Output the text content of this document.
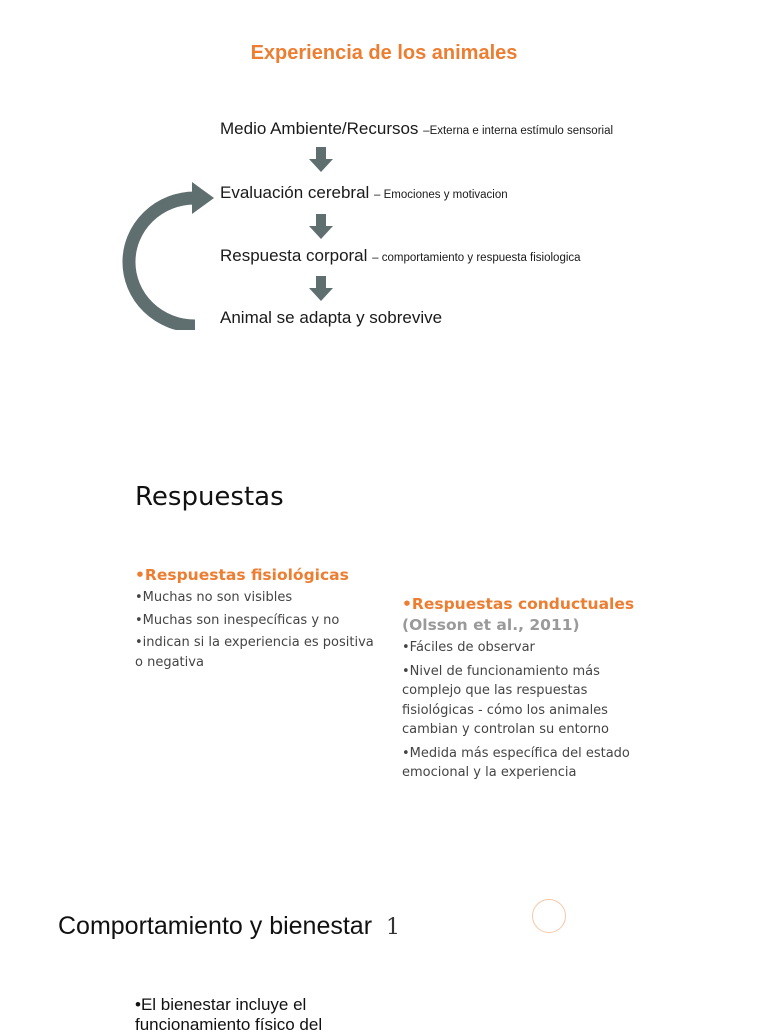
Experiencia de los animales
Medio Ambiente/Recursos –Externa e interna estímulo sensorial
Evaluación cerebral – Emociones y motivacion
Respuesta corporal – comportamiento y respuesta fisiologica
Animal se adapta y sobrevive
Respuestas
•Respuestas fisiológicas
•Muchas no son visibles
•Muchas son inespecíficas y no
•indican si la experiencia es positiva o negativa
•Respuestas conductuales
(Olsson et al., 2011)
•Fáciles de observar
•Nivel de funcionamiento más complejo que las respuestas fisiológicas - cómo los animales cambian y controlan su entorno
•Medida más específica del estado emocional y la experiencia
Comportamiento y bienestar 1
•El bienestar incluye el
funcionamiento físico del
